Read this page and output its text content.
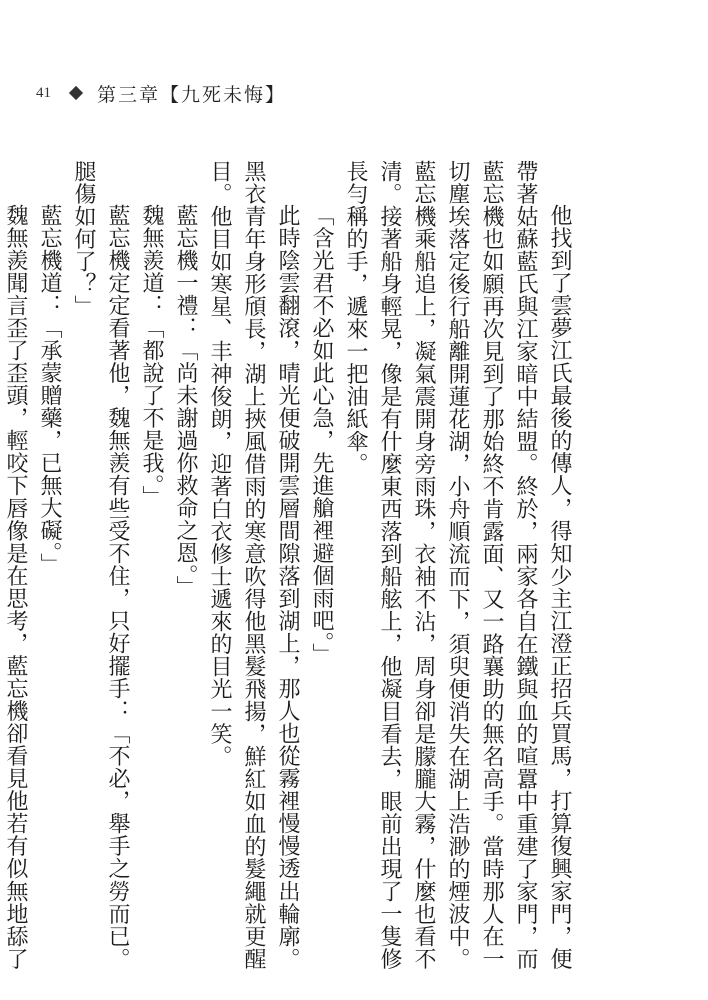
41 第三章【九死未悔】

他找到了雲夢江氏最後的傳人，得知少主江澄正招兵買馬，打算復興家門，便帶著姑蘇藍氏與江家暗中結盟。終於，兩家各自在鐵與血的喧囂中重建了家門，而藍忘機也如願再次見到了那始終不肯露面、又一路襄助的無名高手。當時那人在一切塵埃落定後行船離開蓮花湖，小舟順流而下，須臾便消失在湖上浩渺的煙波中。藍忘機乘船追上，凝氣震開身旁雨珠，衣袖不沾，周身卻是朦朧大霧，什麼也看不清。接著船身輕晃，像是有什麼東西落到船舷上，他凝目看去，眼前出現了一隻修長勻稱的手，遞來一把油紙傘。

「含光君不必如此心急，先進艙裡避個雨吧。」

此時陰雲翻滾，晴光便破開雲層間隙落到湖上，那人也從霧裡慢慢透出輪廓。黑衣青年身形頎長，湖上挾風借雨的寒意吹得他黑髮飛揚，鮮紅如血的髮繩就更醒目。他目如寒星、丰神俊朗，迎著白衣修士遞來的目光一笑。

藍忘機一禮：「尚未謝過你救命之恩。」

魏無羨道：「都說了不是我。」

藍忘機定定看著他，魏無羨有些受不住，只好擺手：「不必，舉手之勞而已。腿傷如何了？」

藍忘機道：「承蒙贈藥，已無大礙。」

魏無羨聞言歪了歪頭，輕咬下唇像是在思考，藍忘機卻看見他若有似無地舔了
